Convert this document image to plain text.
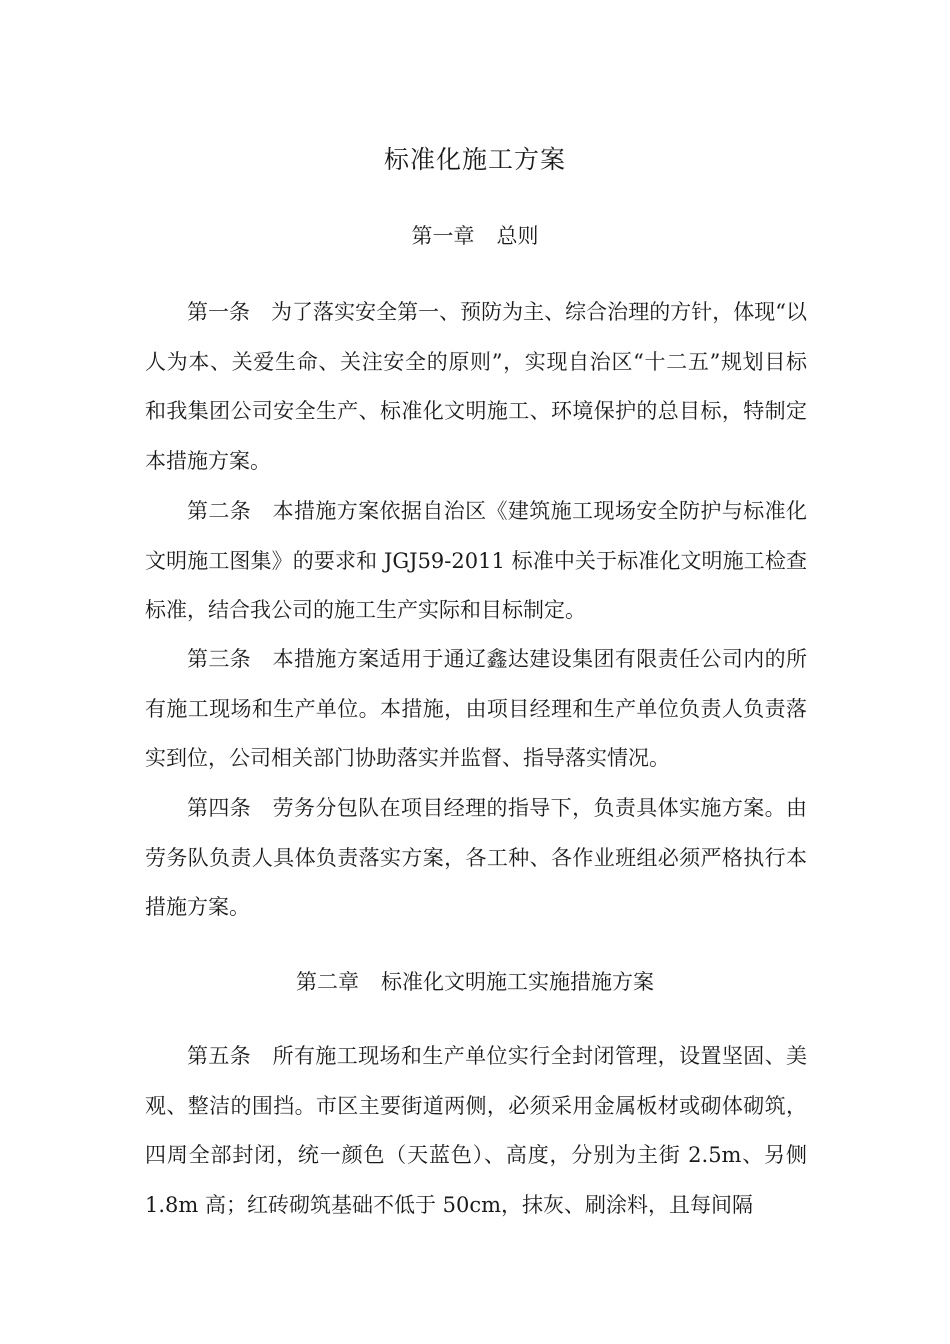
标准化施工方案
第一章 总则

第一条 为了落实安全第一、预防为主、综合治理的方针，体现“以人为本、关爱生命、关注安全的原则”，实现自治区“十二五”规划目标和我集团公司安全生产、标准化文明施工、环境保护的总目标，特制定本措施方案。

第二条 本措施方案依据自治区《建筑施工现场安全防护与标准化文明施工图集》的要求和 JGJ59-2011 标准中关于标准化文明施工检查标准，结合我公司的施工生产实际和目标制定。

第三条 本措施方案适用于通辽鑫达建设集团有限责任公司内的所有施工现场和生产单位。本措施，由项目经理和生产单位负责人负责落实到位，公司相关部门协助落实并监督、指导落实情况。

第四条 劳务分包队在项目经理的指导下，负责具体实施方案。由劳务队负责人具体负责落实方案，各工种、各作业班组必须严格执行本措施方案。

第二章 标准化文明施工实施措施方案

第五条 所有施工现场和生产单位实行全封闭管理，设置坚固、美观、整洁的围挡。市区主要街道两侧，必须采用金属板材或砌体砌筑，四周全部封闭，统一颜色（天蓝色）、高度，分别为主街 2.5m、另侧 1.8m 高；红砖砌筑基础不低于 50cm，抹灰、刷涂料，且每间隔
